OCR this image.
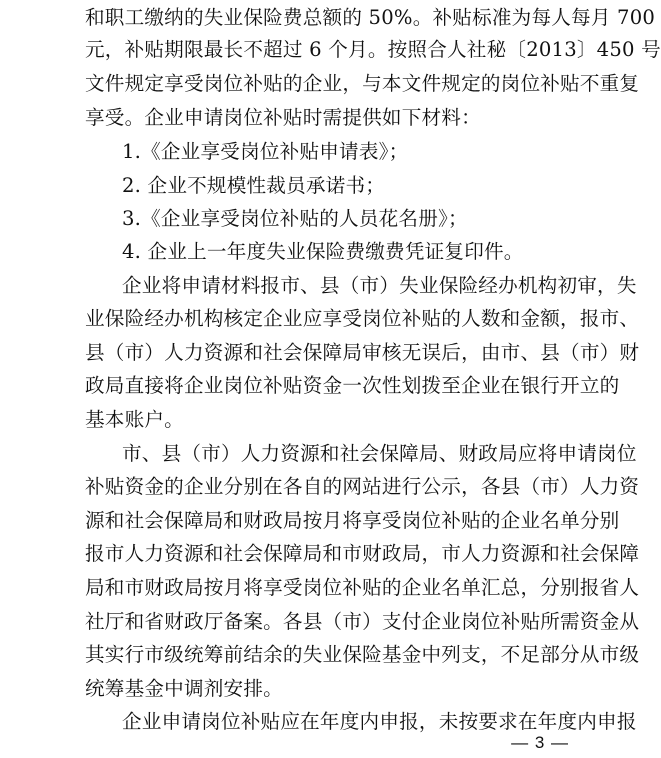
和职工缴纳的失业保险费总额的 50%。补贴标准为每人每月 700
元，补贴期限最长不超过 6 个月。按照合人社秘〔2013〕450 号
文件规定享受岗位补贴的企业，与本文件规定的岗位补贴不重复
享受。企业申请岗位补贴时需提供如下材料：
1.《企业享受岗位补贴申请表》；
2. 企业不规模性裁员承诺书；
3.《企业享受岗位补贴的人员花名册》；
4. 企业上一年度失业保险费缴费凭证复印件。
企业将申请材料报市、县（市）失业保险经办机构初审，失
业保险经办机构核定企业应享受岗位补贴的人数和金额，报市、
县（市）人力资源和社会保障局审核无误后，由市、县（市）财
政局直接将企业岗位补贴资金一次性划拨至企业在银行开立的
基本账户。
市、县（市）人力资源和社会保障局、财政局应将申请岗位
补贴资金的企业分别在各自的网站进行公示，各县（市）人力资
源和社会保障局和财政局按月将享受岗位补贴的企业名单分别
报市人力资源和社会保障局和市财政局，市人力资源和社会保障
局和市财政局按月将享受岗位补贴的企业名单汇总，分别报省人
社厅和省财政厅备案。各县（市）支付企业岗位补贴所需资金从
其实行市级统筹前结余的失业保险基金中列支，不足部分从市级
统筹基金中调剂安排。
企业申请岗位补贴应在年度内申报，未按要求在年度内申报
— 3 —
